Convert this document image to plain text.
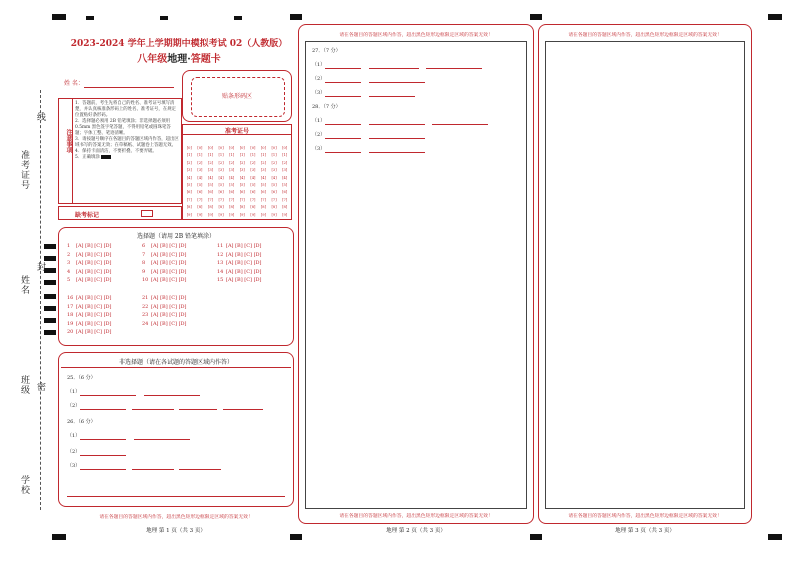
准考证号
姓名
班级
学校
线
封
密
2023-2024 学年上学期期中模拟考试 02（人教版）
八年级地理·答题卡
姓 名：
贴条形码区
注意事项
1．答题前，考生先将自己的姓名、准考证号填写清楚，并认真核准条形码上的姓名、准考证号，在规定位置贴好条形码。
2．选择题必须用 2B 铅笔填涂；非选择题必须用 0.5mm 黑色签字笔答题，不得用铅笔或圆珠笔答题；字体工整、笔迹清晰。
3．请按题号顺序在各题目的答题区域内作答，超出区域书写的答案无效；在草稿纸、试题卷上答题无效。
4．保持卡面清洁，不要折叠、不要弄破。
5．正确填涂
缺考标记
准考证号
[0] [0] [0] [0] [0] [0] [0] [0] [0] [0]
[1] [1] [1] [1] [1] [1] [1] [1] [1] [1]
[2] [2] [2] [2] [2] [2] [2] [2] [2] [2]
[3] [3] [3] [3] [3] [3] [3] [3] [3] [3]
[4] [4] [4] [4] [4] [4] [4] [4] [4] [4]
[5] [5] [5] [5] [5] [5] [5] [5] [5] [5]
[6] [6] [6] [6] [6] [6] [6] [6] [6] [6]
[7] [7] [7] [7] [7] [7] [7] [7] [7] [7]
[8] [8] [8] [8] [8] [8] [8] [8] [8] [8]
[9] [9] [9] [9] [9] [9] [9] [9] [9] [9]
选择题（请用 2B 铅笔填涂）
1 [A] [B] [C] [D]
2 [A] [B] [C] [D]
3 [A] [B] [C] [D]
4 [A] [B] [C] [D]
5 [A] [B] [C] [D]
6 [A] [B] [C] [D]
7 [A] [B] [C] [D]
8 [A] [B] [C] [D]
9 [A] [B] [C] [D]
10 [A] [B] [C] [D]
11 [A] [B] [C] [D]
12 [A] [B] [C] [D]
13 [A] [B] [C] [D]
14 [A] [B] [C] [D]
15 [A] [B] [C] [D]
16 [A] [B] [C] [D]
17 [A] [B] [C] [D]
18 [A] [B] [C] [D]
19 [A] [B] [C] [D]
20 [A] [B] [C] [D]
21 [A] [B] [C] [D]
22 [A] [B] [C] [D]
23 [A] [B] [C] [D]
24 [A] [B] [C] [D]
非选择题（请在各试题的答题区域内作答）
25．（6 分）
（1）
（2）
26．（6 分）
（1）
（2）
（3）
请在各题目的答题区域内作答，超出黑色矩形边框限定区域的答案无效！
地理 第 1 页（共 3 页）
请在各题目的答题区域内作答，超出黑色矩形边框限定区域的答案无效！
27．（7 分）
（1）
（2）
（3）
28．（7 分）
（1）
（2）
（3）
请在各题目的答题区域内作答，超出黑色矩形边框限定区域的答案无效！
地理 第 2 页（共 3 页）
请在各题目的答题区域内作答，超出黑色矩形边框限定区域的答案无效！
请在各题目的答题区域内作答，超出黑色矩形边框限定区域的答案无效！
地理 第 3 页（共 3 页）
